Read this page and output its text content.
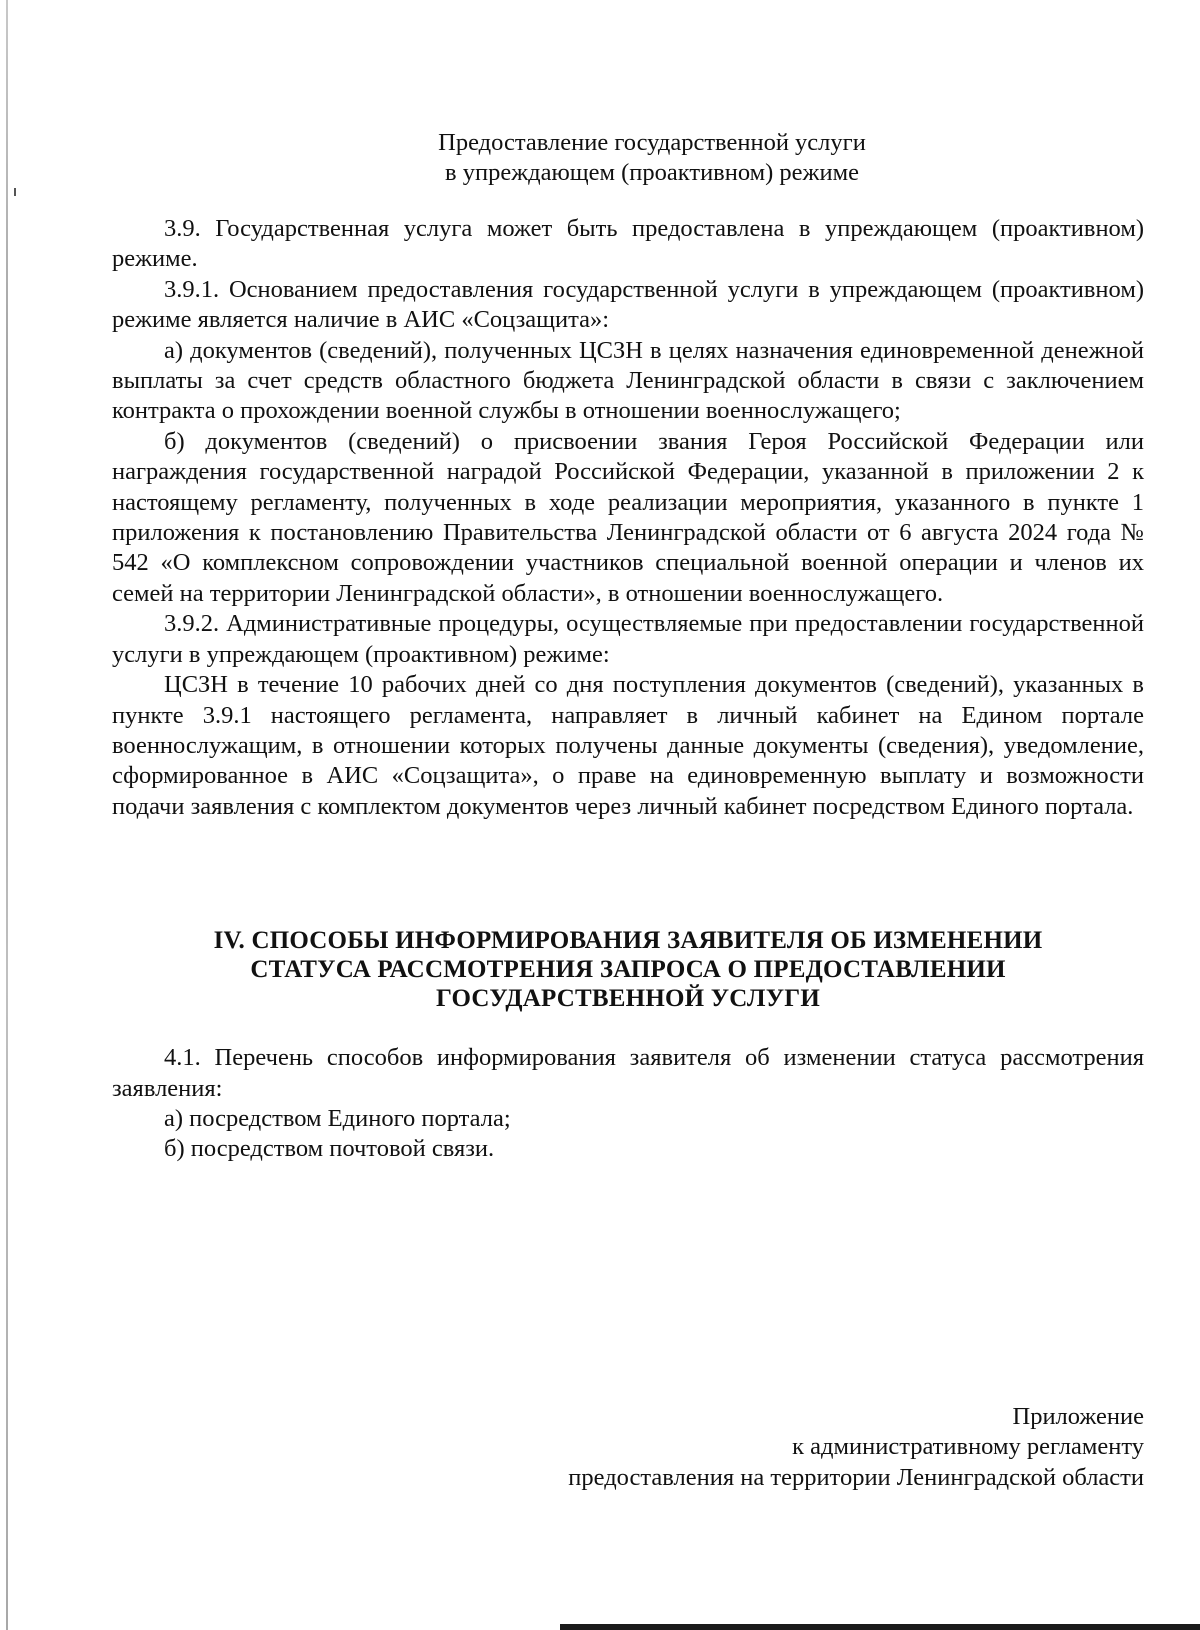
Предоставление государственной услуги
в упреждающем (проактивном) режиме

3.9. Государственная услуга может быть предоставлена в упреждающем (проактивном) режиме.

3.9.1. Основанием предоставления государственной услуги в упреждающем (проактивном) режиме является наличие в АИС «Соцзащита»:

а) документов (сведений), полученных ЦСЗН в целях назначения единовременной денежной выплаты за счет средств областного бюджета Ленинградской области в связи с заключением контракта о прохождении военной службы в отношении военнослужащего;

б) документов (сведений) о присвоении звания Героя Российской Федерации или награждения государственной наградой Российской Федерации, указанной в приложении 2 к настоящему регламенту, полученных в ходе реализации мероприятия, указанного в пункте 1 приложения к постановлению Правительства Ленинградской области от 6 августа 2024 года № 542 «О комплексном сопровождении участников специальной военной операции и членов их семей на территории Ленинградской области», в отношении военнослужащего.

3.9.2. Административные процедуры, осуществляемые при предоставлении государственной услуги в упреждающем (проактивном) режиме:

ЦСЗН в течение 10 рабочих дней со дня поступления документов (сведений), указанных в пункте 3.9.1 настоящего регламента, направляет в личный кабинет на Едином портале военнослужащим, в отношении которых получены данные документы (сведения), уведомление, сформированное в АИС «Соцзащита», о праве на единовременную выплату и возможности подачи заявления с комплектом документов через личный кабинет посредством Единого портала.

IV. СПОСОБЫ ИНФОРМИРОВАНИЯ ЗАЯВИТЕЛЯ ОБ ИЗМЕНЕНИИ
СТАТУСА РАССМОТРЕНИЯ ЗАПРОСА О ПРЕДОСТАВЛЕНИИ
ГОСУДАРСТВЕННОЙ УСЛУГИ

4.1. Перечень способов информирования заявителя об изменении статуса рассмотрения заявления:

а) посредством Единого портала;

б) посредством почтовой связи.

Приложение
к административному регламенту
предоставления на территории Ленинградской области
